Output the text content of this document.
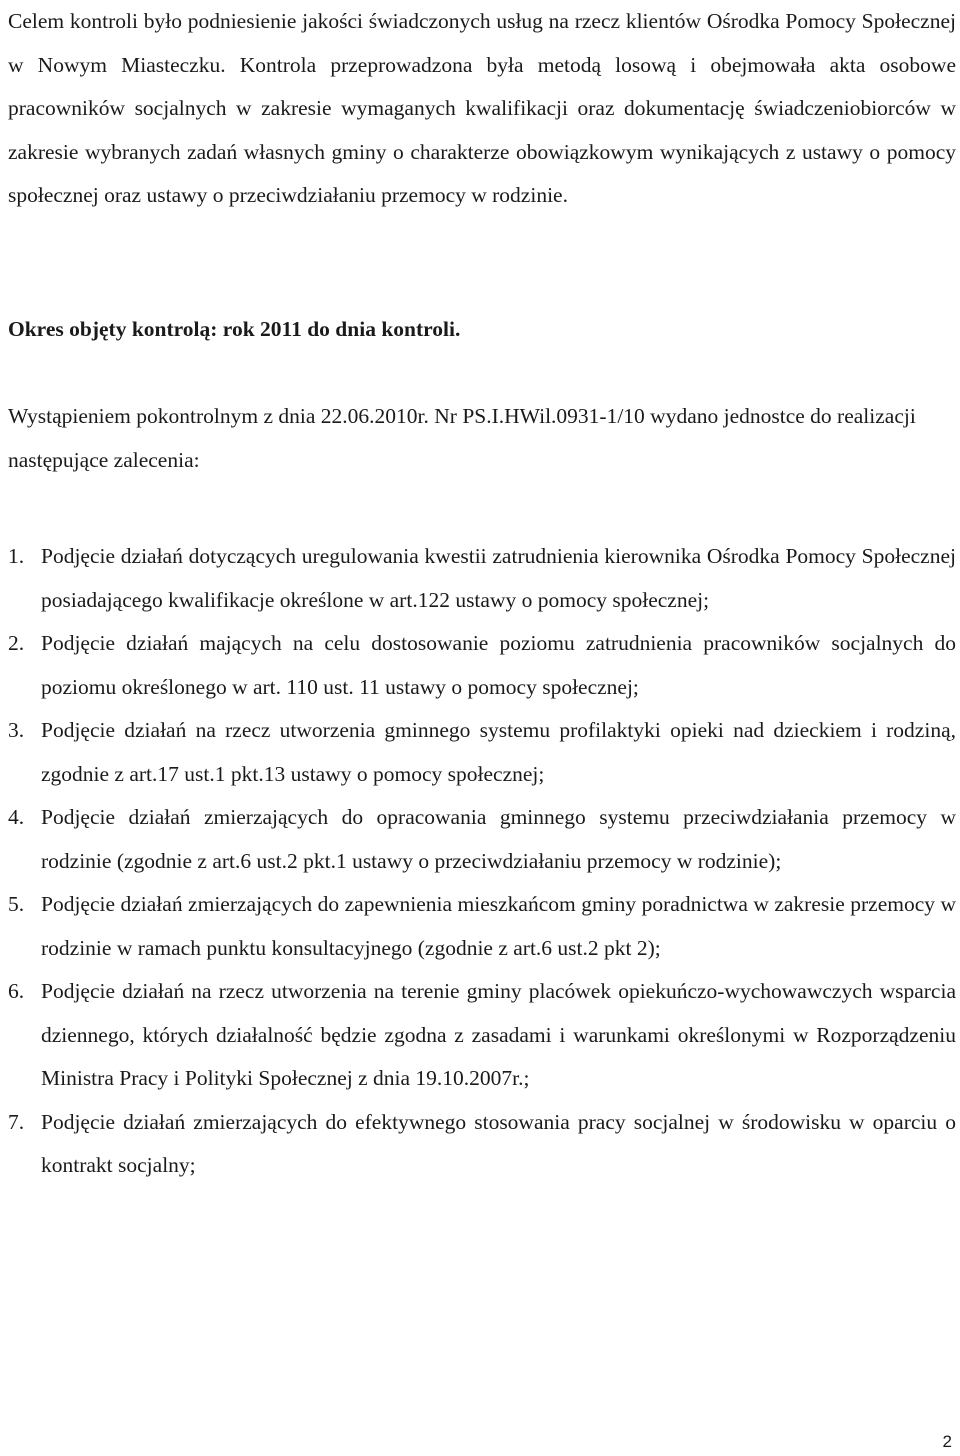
Celem kontroli było podniesienie jakości świadczonych usług na rzecz klientów Ośrodka Pomocy Społecznej w Nowym Miasteczku. Kontrola przeprowadzona była metodą losową i obejmowała akta osobowe pracowników socjalnych w zakresie wymaganych kwalifikacji oraz dokumentację świadczeniobiorców w zakresie wybranych zadań własnych gminy o charakterze obowiązkowym wynikających z ustawy o pomocy społecznej oraz ustawy o przeciwdziałaniu przemocy w rodzinie.

Okres objęty kontrolą: rok 2011 do dnia kontroli.

Wystąpieniem pokontrolnym z dnia 22.06.2010r. Nr PS.I.HWil.0931-1/10 wydano jednostce do realizacji następujące zalecenia:

1. Podjęcie działań dotyczących uregulowania kwestii zatrudnienia kierownika Ośrodka Pomocy Społecznej posiadającego kwalifikacje określone w art.122 ustawy o pomocy społecznej;
2. Podjęcie działań mających na celu dostosowanie poziomu zatrudnienia pracowników socjalnych do poziomu określonego w art. 110 ust. 11 ustawy o pomocy społecznej;
3. Podjęcie działań na rzecz utworzenia gminnego systemu profilaktyki opieki nad dzieckiem i rodziną, zgodnie z art.17 ust.1 pkt.13 ustawy o pomocy społecznej;
4. Podjęcie działań zmierzających do opracowania gminnego systemu przeciwdziałania przemocy w rodzinie (zgodnie z art.6 ust.2 pkt.1 ustawy o przeciwdziałaniu przemocy w rodzinie);
5. Podjęcie działań zmierzających do zapewnienia mieszkańcom gminy poradnictwa w zakresie przemocy w rodzinie w ramach punktu konsultacyjnego (zgodnie z art.6 ust.2 pkt 2);
6. Podjęcie działań na rzecz utworzenia na terenie gminy placówek opiekuńczo-wychowawczych wsparcia dziennego, których działalność będzie zgodna z zasadami i warunkami określonymi w Rozporządzeniu Ministra Pracy i Polityki Społecznej z dnia 19.10.2007r.;
7. Podjęcie działań zmierzających do efektywnego stosowania pracy socjalnej w środowisku w oparciu o kontrakt socjalny;
2
